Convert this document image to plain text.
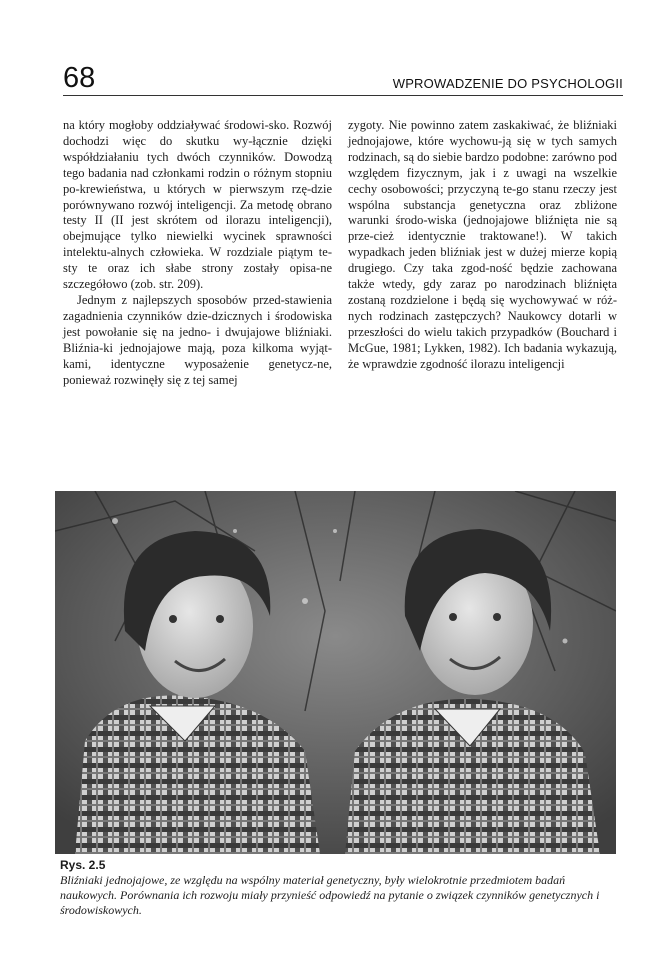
68	WPROWADZENIE DO PSYCHOLOGII

na który mogłoby oddziaływać środowi-sko. Rozwój dochodzi więc do skutku wy-łącznie dzięki współdziałaniu tych dwóch czynników. Dowodzą tego badania nad członkami rodzin o różnym stopniu po-krewieństwa, u których w pierwszym rzę-dzie porównywano rozwój inteligencji. Za metodę obrano testy II (II jest skrótem od ilorazu inteligencji), obejmujące tylko niewielki wycinek sprawności intelektu-alnych człowieka. W rozdziale piątym te-sty te oraz ich słabe strony zostały opisa-ne szczegółowo (zob. str. 209).

Jednym z najlepszych sposobów przed-stawienia zagadnienia czynników dzie-dzicznych i środowiska jest powołanie się na jedno- i dwujajowe bliźniaki. Bliźnia-ki jednojajowe mają, poza kilkoma wyjąt-kami, identyczne wyposażenie genetycz-ne, ponieważ rozwinęły się z tej samej

zygoty. Nie powinno zatem zaskakiwać, że bliźniaki jednojajowe, które wychowu-ją się w tych samych rodzinach, są do siebie bardzo podobne: zarówno pod względem fizycznym, jak i z uwagi na wszelkie cechy osobowości; przyczyną te-go stanu rzeczy jest wspólna substancja genetyczna oraz zbliżone warunki środo-wiska (jednojajowe bliźnięta nie są prze-cież identycznie traktowane!). W takich wypadkach jeden bliźniak jest w dużej mierze kopią drugiego. Czy taka zgod-ność będzie zachowana także wtedy, gdy zaraz po narodzinach bliźnięta zostaną rozdzielone i będą się wychowywać w róż-nych rodzinach zastępczych? Naukowcy dotarli w przeszłości do wielu takich przypadków (Bouchard i McGue, 1981; Lykken, 1982). Ich badania wykazują, że wprawdzie zgodność ilorazu inteligencji

Rys. 2.5
Bliźniaki jednojajowe, ze względu na wspólny materiał genetyczny, były wielokrotnie przedmiotem badań naukowych. Porównania ich rozwoju miały przynieść odpowiedź na pytanie o związek czynników genetycznych i środowiskowych.
